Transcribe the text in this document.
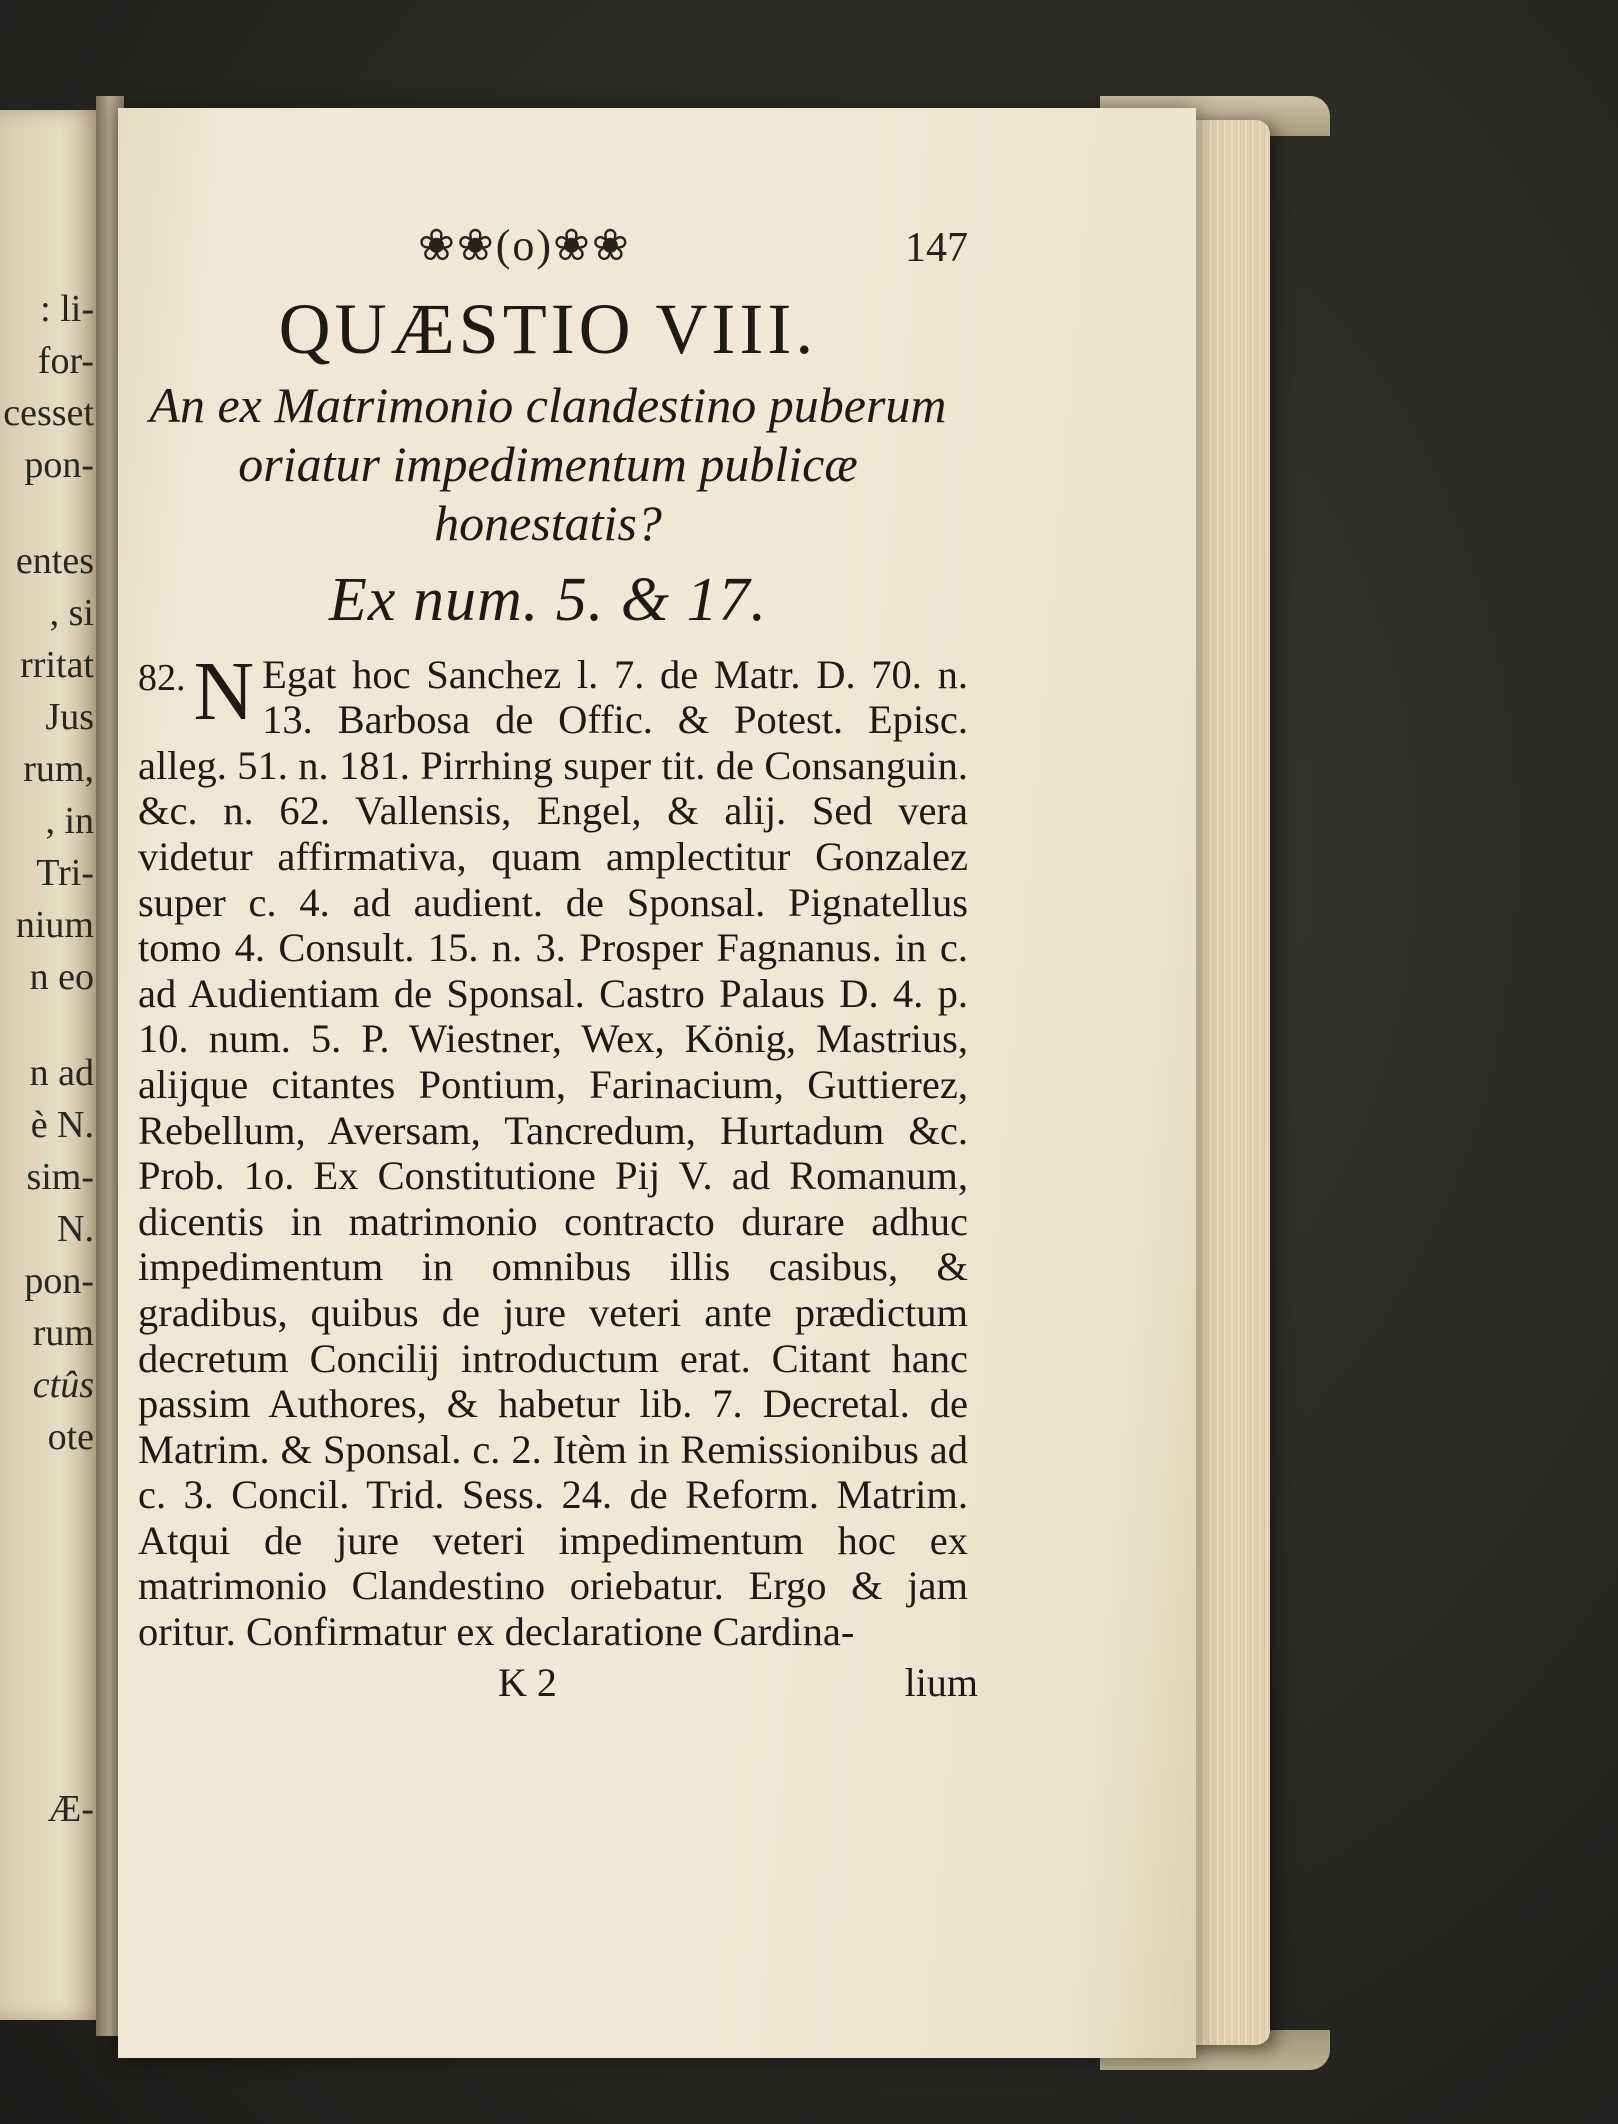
: li-
for-
cesset
pon-
entes
, si
rritat
Jus
rum,
, in
Tri-
nium
n eo
n ad
è N.
sim-
N.
pon-
rum
ctûs
ote
Æ-
❀❀(o)❀❀	147
QUÆSTIO VIII.
An ex Matrimonio clandestino puberum oriatur impedimentum publicæ honestatis?
Ex num. 5. & 17.
82. N Egat hoc Sanchez l. 7. de Matr. D. 70. n. 13. Barbosa de Offic. & Potest. Episc. alleg. 51. n. 181. Pirrhing super tit. de Consanguin. &c. n. 62. Vallensis, Engel, & alij. Sed vera videtur affirmativa, quam amplectitur Gonzalez super c. 4. ad audient. de Sponsal. Pignatellus tomo 4. Consult. 15. n. 3. Prosper Fagnanus. in c. ad Audientiam de Sponsal. Castro Palaus D. 4. p. 10. num. 5. P. Wiestner, Wex, König, Mastrius, alijque citantes Pontium, Farinacium, Guttierez, Rebellum, Aversam, Tancredum, Hurtadum &c. Prob. 1o. Ex Constitutione Pij V. ad Romanum, dicentis in matrimonio contracto durare adhuc impedimentum in omnibus illis casibus, & gradibus, quibus de jure veteri ante prædictum decretum Concilij introductum erat. Citant hanc passim Authores, & habetur lib. 7. Decretal. de Matrim. & Sponsal. c. 2. Itèm in Remissionibus ad c. 3. Concil. Trid. Sess. 24. de Reform. Matrim. Atqui de jure veteri impedimentum hoc ex matrimonio Clandestino oriebatur. Ergo & jam oritur. Confirmatur ex declaratione Cardina-
K 2	lium
